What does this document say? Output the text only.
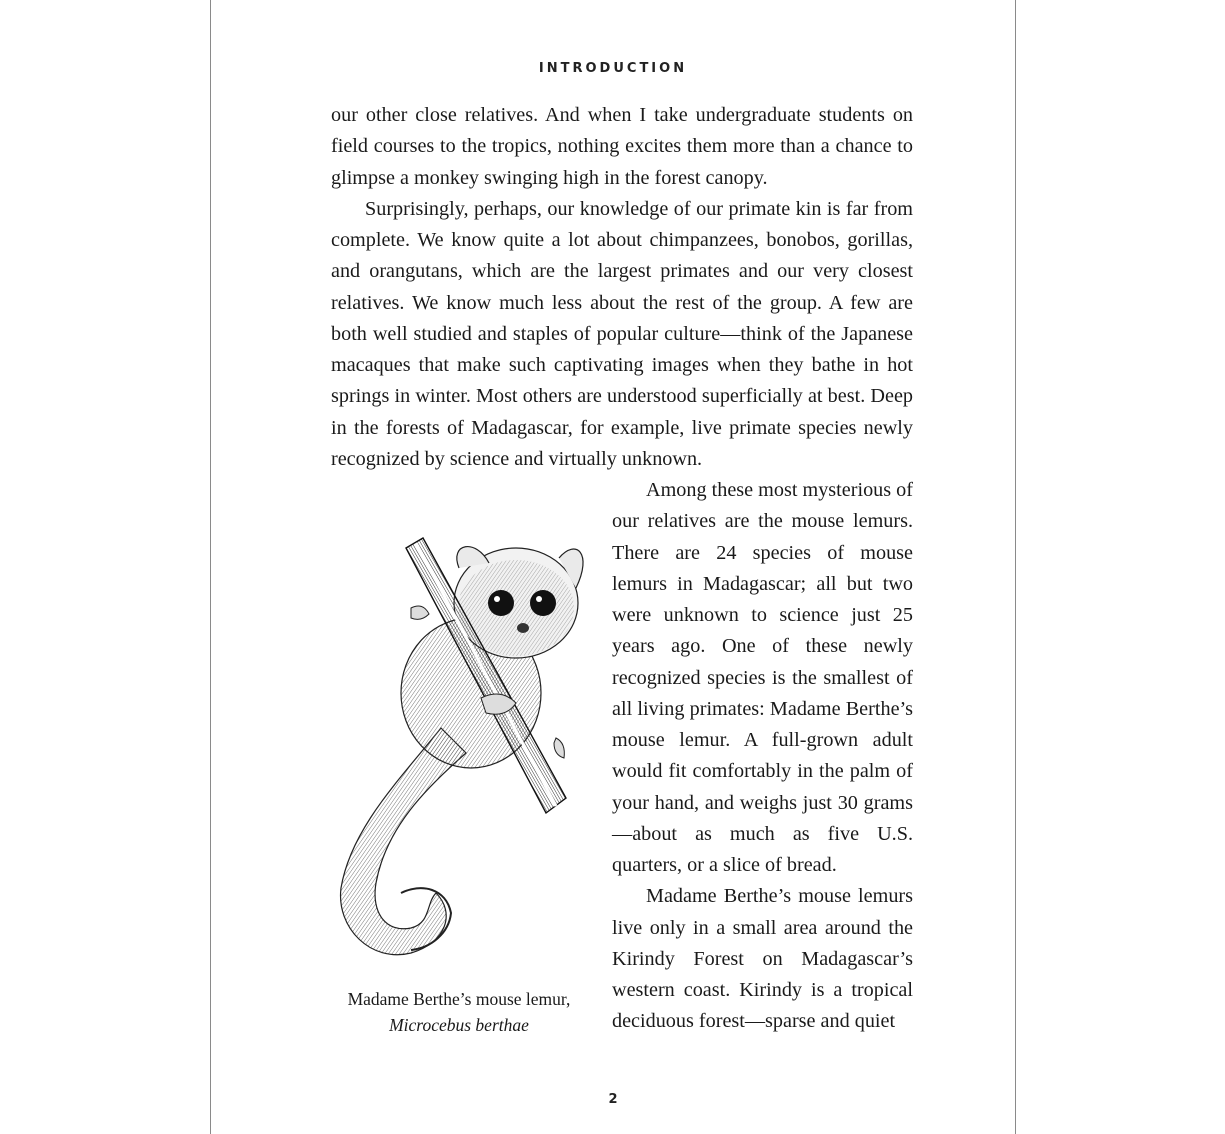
INTRODUCTION

our other close relatives. And when I take undergraduate students on field courses to the tropics, nothing excites them more than a chance to glimpse a monkey swinging high in the forest canopy.

Surprisingly, perhaps, our knowledge of our primate kin is far from complete. We know quite a lot about chimpanzees, bonobos, gorillas, and orangutans, which are the largest primates and our very closest relatives. We know much less about the rest of the group. A few are both well studied and staples of popular culture—think of the Japanese macaques that make such captivating images when they bathe in hot springs in winter. Most others are understood superficially at best. Deep in the forests of Madagascar, for example, live primate species newly recognized by science and virtually unknown.

Among these most mysterious of our relatives are the mouse lemurs. There are 24 species of mouse lemurs in Madagascar; all but two were unknown to science just 25 years ago. One of these newly recognized species is the smallest of all living primates: Madame Berthe’s mouse lemur. A full-grown adult would fit comfortably in the palm of your hand, and weighs just 30 grams—about as much as five U.S. quarters, or a slice of bread.

Madame Berthe’s mouse lemurs live only in a small area around the Kirindy Forest on Madagascar’s western coast. Kirindy is a tropical deciduous forest—sparse and quiet

Madame Berthe’s mouse lemur,
Microcebus berthae
2
